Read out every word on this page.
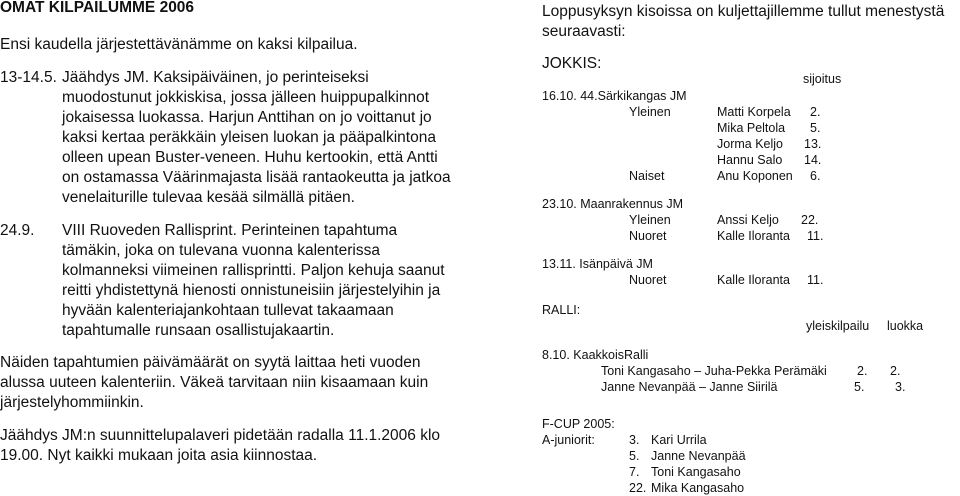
OMAT KILPAILUMME 2006
Ensi kaudella järjestettävänämme on kaksi kilpailua.
13-14.5. Jäähdys JM. Kaksipäiväinen, jo perinteiseksi
muodostunut jokkiskisa, jossa jälleen huippupalkinnot
jokaisessa luokassa. Harjun Anttihan on jo voittanut jo
kaksi kertaa peräkkäin yleisen luokan ja pääpalkintona
olleen upean Buster-veneen. Huhu kertookin, että Antti
on ostamassa Väärinmajasta lisää rantaokeutta ja jatkoa
venelaiturille tulevaa kesää silmällä pitäen.
24.9. VIII Ruoveden Rallisprint. Perinteinen tapahtuma
tämäkin, joka on tulevana vuonna kalenterissa
kolmanneksi viimeinen rallisprintti. Paljon kehuja saanut
reitti yhdistettynä hienosti onnistuneisiin järjestelyihin ja
hyvään kalenteriajankohtaan tullevat takaamaan
tapahtumalle runsaan osallistujakaartin.
Näiden tapahtumien päivämäärät on syytä laittaa heti vuoden
alussa uuteen kalenteriin. Väkeä tarvitaan niin kisaamaan kuin
järjestelyhommiinkin.
Jäähdys JM:n suunnittelupalaveri pidetään radalla 11.1.2006 klo
19.00. Nyt kaikki mukaan joita asia kiinnostaa.
Loppusyksyn kisoissa on kuljettajillemme tullut menestystä
seuraavasti:
JOKKIS:
sijoitus
16.10. 44.Särkikangas JM
Yleinen	Matti Korpela 2.
Mika Peltola 5.
Jorma Keljo 13.
Hannu Salo 14.
Naiset	Anu Koponen 6.
23.10. Maanrakennus JM
Yleinen	Anssi Keljo 22.
Nuoret	Kalle Iloranta 11.
13.11. Isänpäivä JM
Nuoret	Kalle Iloranta 11.
RALLI:
yleiskilpailu luokka
8.10. KaakkoisRalli
Toni Kangasaho – Juha-Pekka Perämäki 2. 2.
Janne Nevanpää – Janne Siirilä	5. 3.
F-CUP 2005:
A-juniorit:	3. Kari Urrila
5. Janne Nevanpää
7. Toni Kangasaho
22. Mika Kangasaho
